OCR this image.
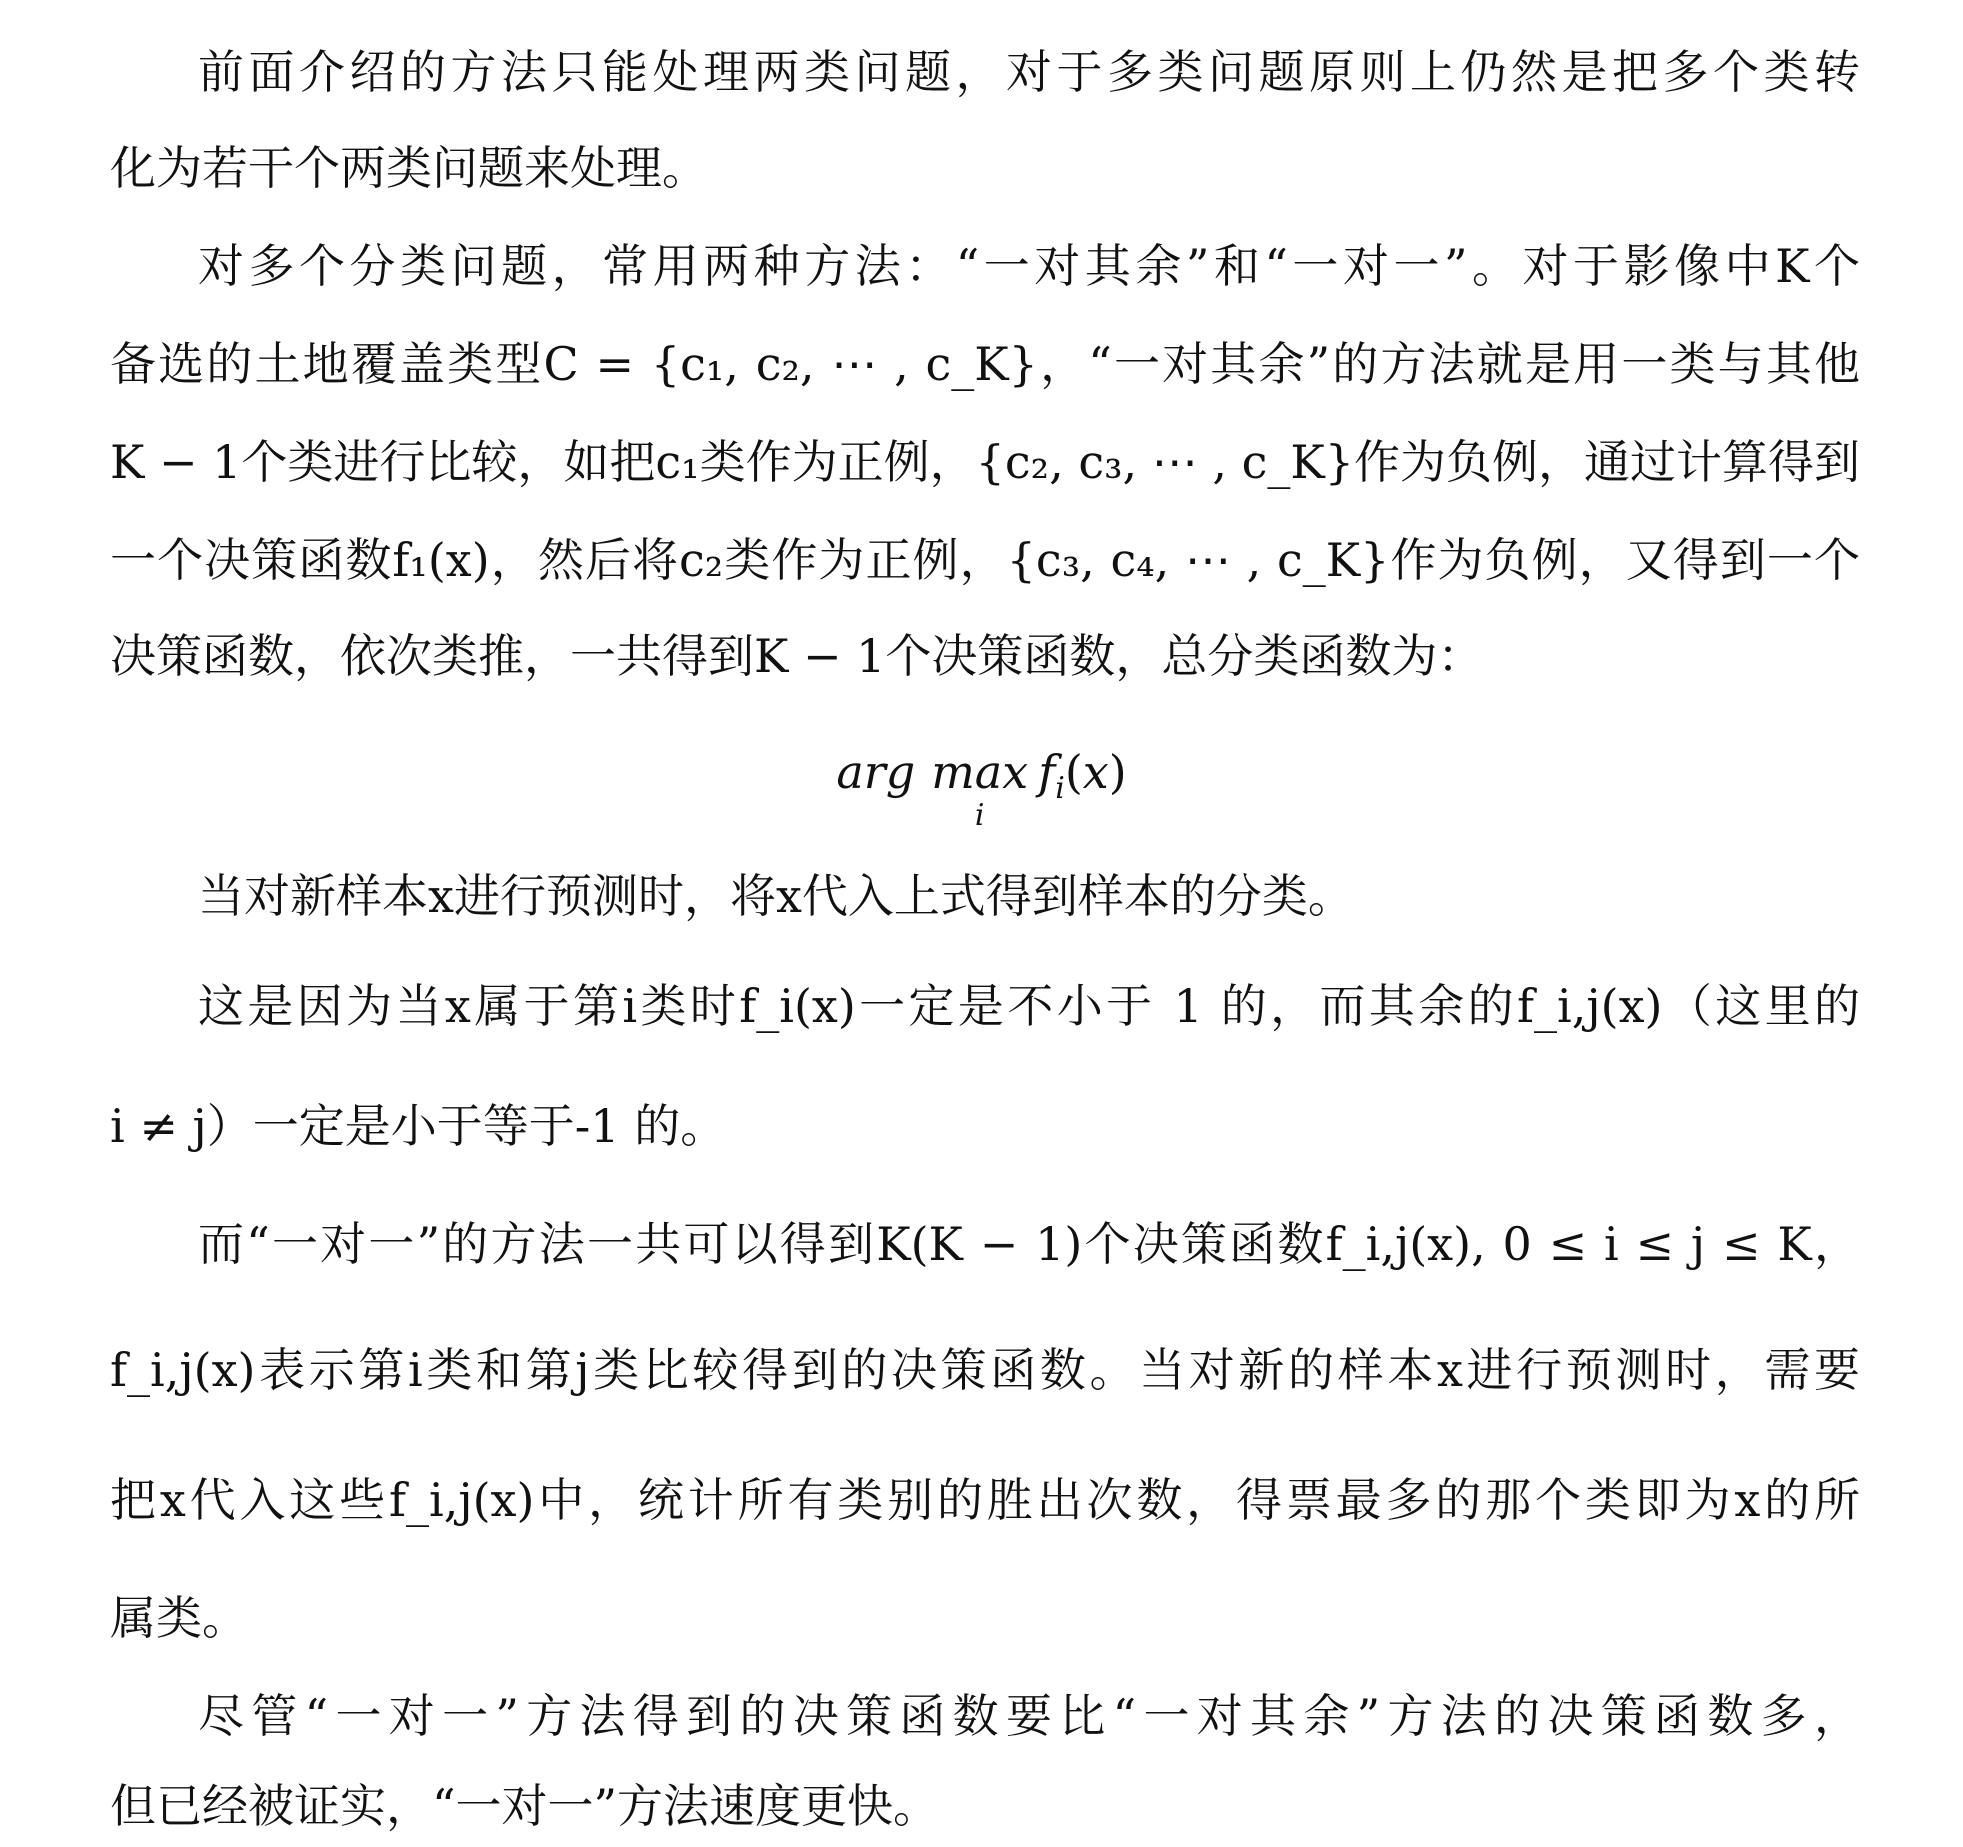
前面介绍的方法只能处理两类问题，对于多类问题原则上仍然是把多个类转
化为若干个两类问题来处理。
对多个分类问题，常用两种方法：“一对其余”和“一对一”。对于影像中K个
备选的土地覆盖类型C = {c₁, c₂, ⋯ , c_K}，“一对其余”的方法就是用一类与其他
K − 1个类进行比较，如把c₁类作为正例，{c₂, c₃, ⋯ , c_K}作为负例，通过计算得到
一个决策函数f₁(x)，然后将c₂类作为正例，{c₃, c₄, ⋯ , c_K}作为负例，又得到一个
决策函数，依次类推，一共得到K − 1个决策函数，总分类函数为：
arg max
i
$f_i(x)$
当对新样本x进行预测时，将x代入上式得到样本的分类。
这是因为当x属于第i类时f_i(x)一定是不小于 1 的，而其余的f_i,j(x)（这里的
i ≠ j）一定是小于等于-1 的。
而“一对一”的方法一共可以得到K(K − 1)个决策函数f_i,j(x), 0 ≤ i ≤ j ≤ K，
f_i,j(x)表示第i类和第j类比较得到的决策函数。当对新的样本x进行预测时，需要
把x代入这些f_i,j(x)中，统计所有类别的胜出次数，得票最多的那个类即为x的所
属类。
尽管“一对一”方法得到的决策函数要比“一对其余”方法的决策函数多，
但已经被证实，“一对一”方法速度更快。
